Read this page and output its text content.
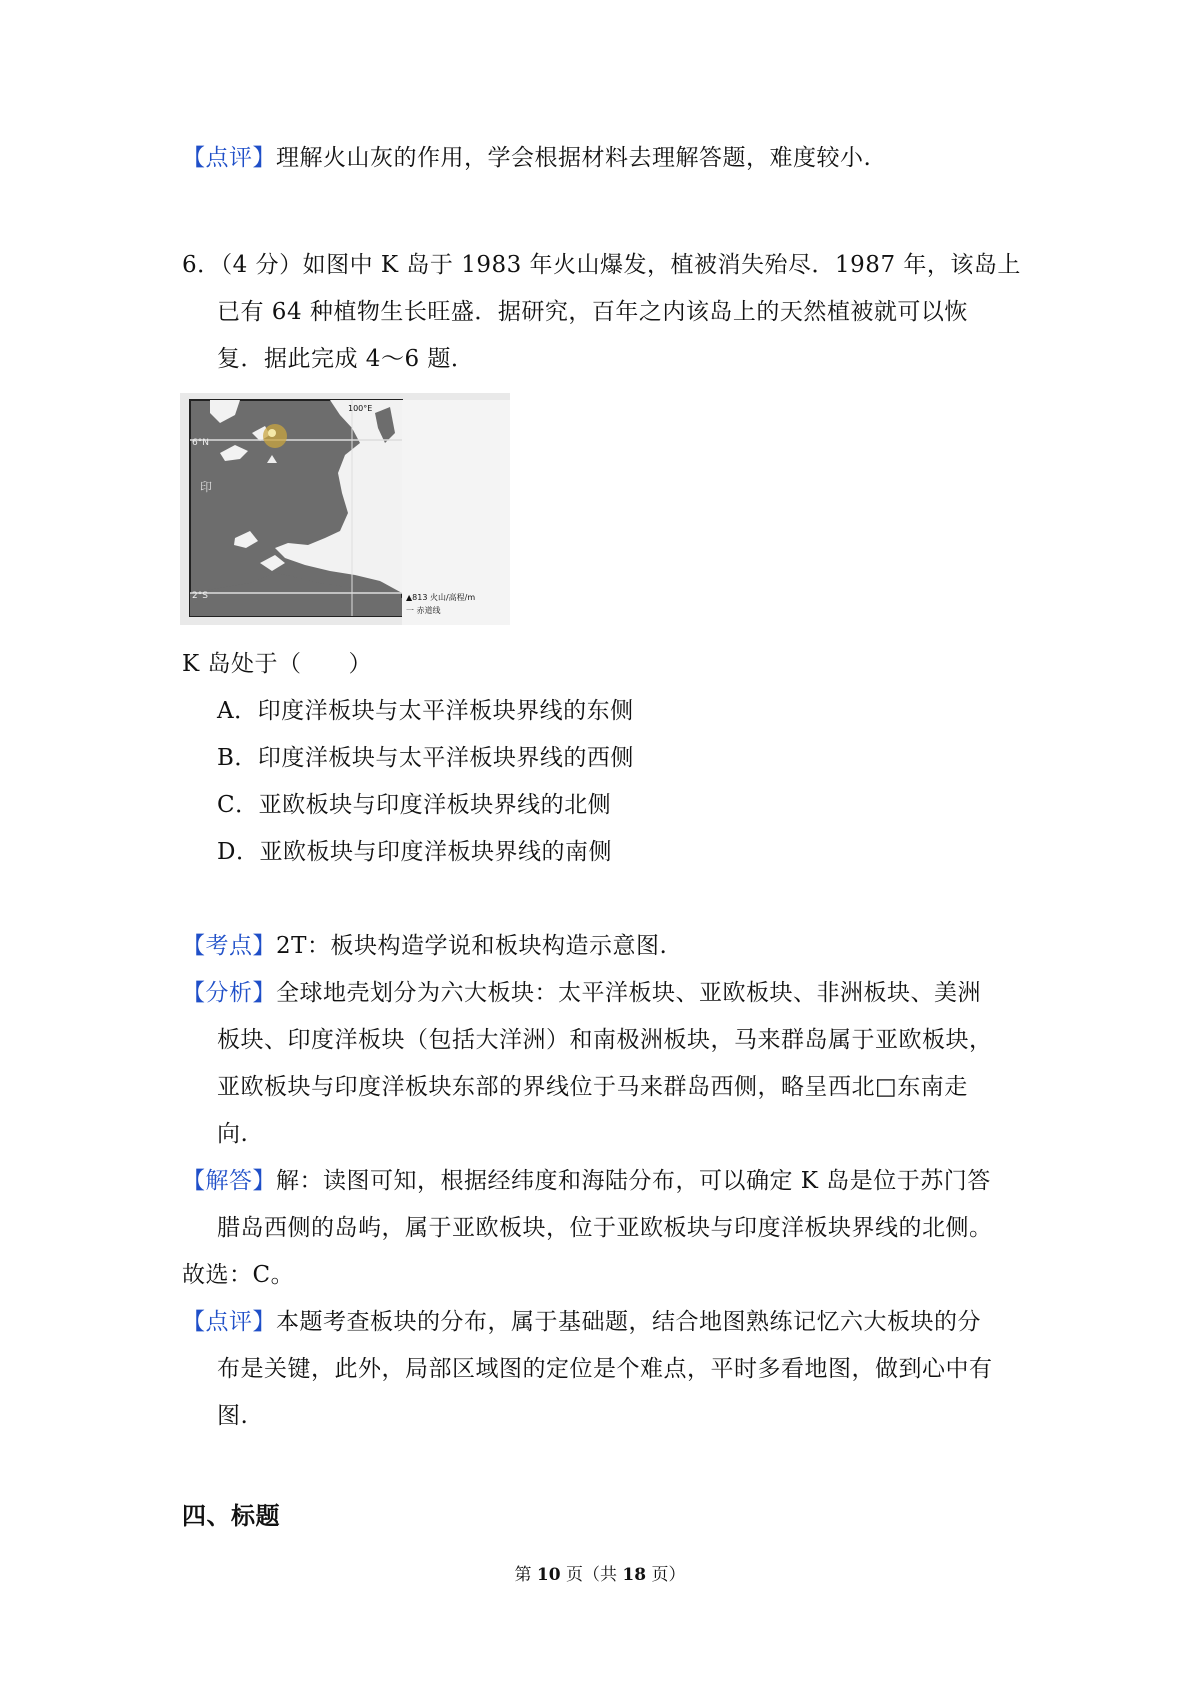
【点评】理解火山灰的作用，学会根据材料去理解答题，难度较小.
6．（4 分）如图中 K 岛于 1983 年火山爆发，植被消失殆尽．1987 年，该岛上
已有 64 种植物生长旺盛．据研究，百年之内该岛上的天然植被就可以恢
复．据此完成 4～6 题．
100°E
6°N
2°S
印
▲813 火山/高程/m
一 赤道线
K 岛处于（　　）
A．印度洋板块与太平洋板块界线的东侧
B．印度洋板块与太平洋板块界线的西侧
C．亚欧板块与印度洋板块界线的北侧
D．亚欧板块与印度洋板块界线的南侧
【考点】2T：板块构造学说和板块构造示意图.
【分析】全球地壳划分为六大板块：太平洋板块、亚欧板块、非洲板块、美洲
板块、印度洋板块（包括大洋洲）和南极洲板块，马来群岛属于亚欧板块，
亚欧板块与印度洋板块东部的界线位于马来群岛西侧，略呈西北□东南走
向.
【解答】解：读图可知，根据经纬度和海陆分布，可以确定 K 岛是位于苏门答
腊岛西侧的岛屿，属于亚欧板块，位于亚欧板块与印度洋板块界线的北侧。
故选：C。
【点评】本题考查板块的分布，属于基础题，结合地图熟练记忆六大板块的分
布是关键，此外，局部区域图的定位是个难点，平时多看地图，做到心中有
图.
四、标题
第 10 页（共 18 页）
